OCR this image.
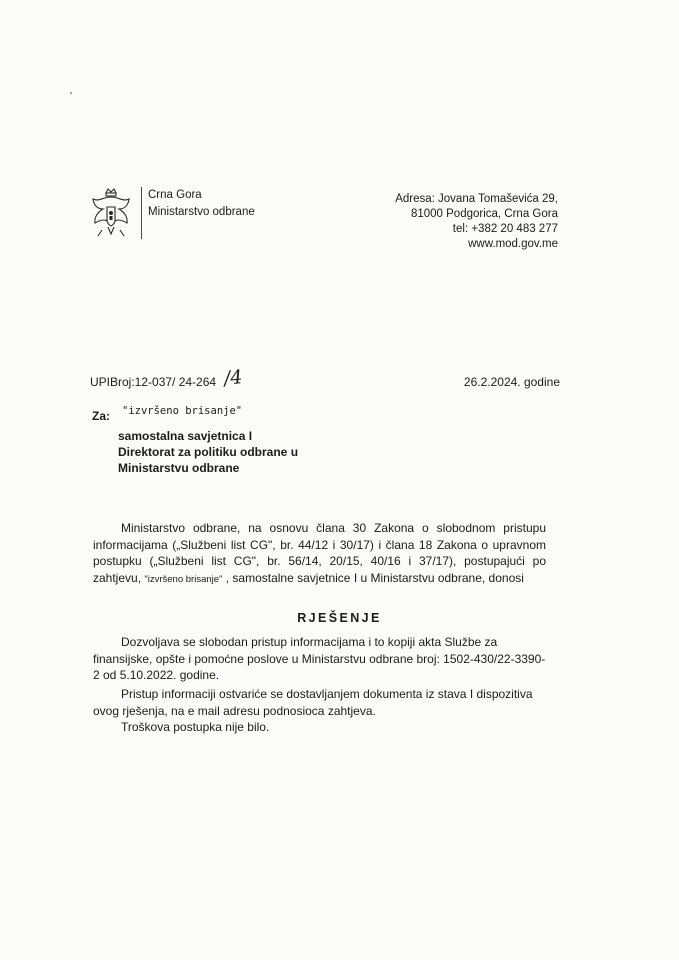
Crna Gora
Ministarstvo odbrane
Adresa: Jovana Tomaševića 29,
81000 Podgorica, Crna Gora
tel: +382 20 483 277
www.mod.gov.me
UPIBroj:12-037/ 24-264 /4	26.2.2024. godine
Za: "izvršeno brisanje"
samostalna savjetnica I
Direktorat za politiku odbrane u
Ministarstvu odbrane
Ministarstvo odbrane, na osnovu člana 30 Zakona o slobodnom pristupu informacijama („Službeni list CG", br. 44/12 i 30/17) i člana 18 Zakona o upravnom postupku („Službeni list CG", br. 56/14, 20/15, 40/16 i 37/17), postupajući po zahtjevu, "izvršeno brisanje" , samostalne savjetnice I u Ministarstvu odbrane, donosi
RJEŠENJE
Dozvoljava se slobodan pristup informacijama i to kopiji akta Službe za finansijske, opšte i pomoćne poslove u Ministarstvu odbrane broj: 1502-430/22-3390-2 od 5.10.2022. godine.
Pristup informaciji ostvariće se dostavljanjem dokumenta iz stava I dispozitiva ovog rješenja, na e mail adresu podnosioca zahtjeva.
Troškova postupka nije bilo.
